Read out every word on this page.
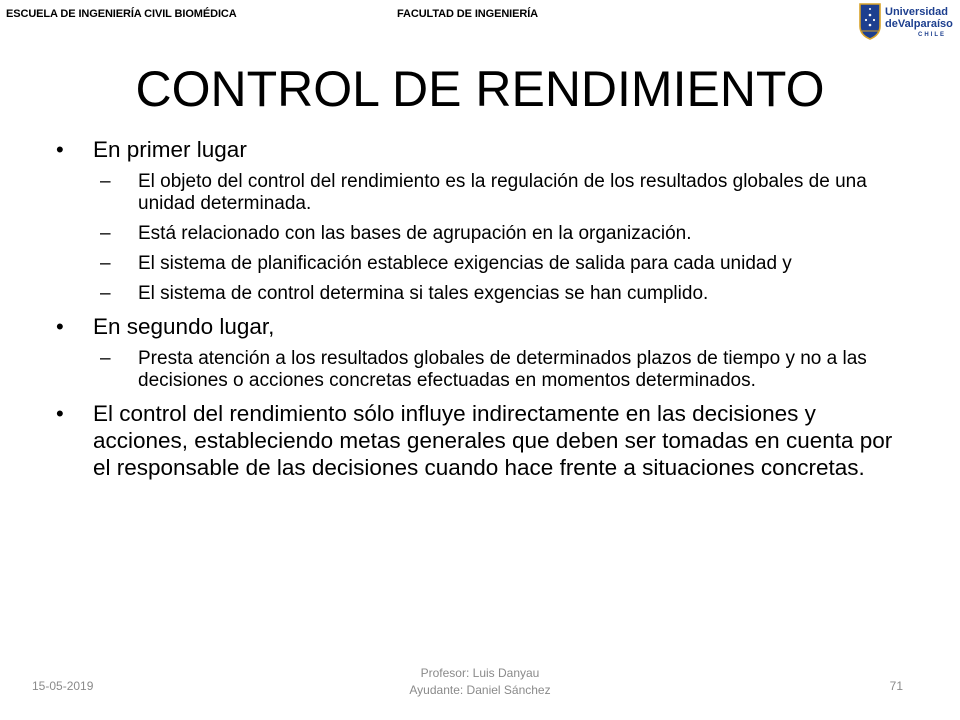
ESCUELA DE INGENIERÍA CIVIL BIOMÉDICA	FACULTAD DE INGENIERÍA	Universidad
deValparaíso
CHILE
CONTROL DE RENDIMIENTO
• En primer lugar
– El objeto del control del rendimiento es la regulación de los resultados globales de una unidad determinada.
– Está relacionado con las bases de agrupación en la organización.
– El sistema de planificación establece exigencias de salida para cada unidad y
– El sistema de control determina si tales exgencias se han cumplido.
• En segundo lugar,
– Presta atención a los resultados globales de determinados plazos de tiempo y no a las decisiones o acciones concretas efectuadas en momentos determinados.
• El control del rendimiento sólo influye indirectamente en las decisiones y acciones, estableciendo metas generales que deben ser tomadas en cuenta por el responsable de las decisiones cuando hace frente a situaciones concretas.
15-05-2019
Profesor: Luis Danyau
Ayudante: Daniel Sánchez	71
